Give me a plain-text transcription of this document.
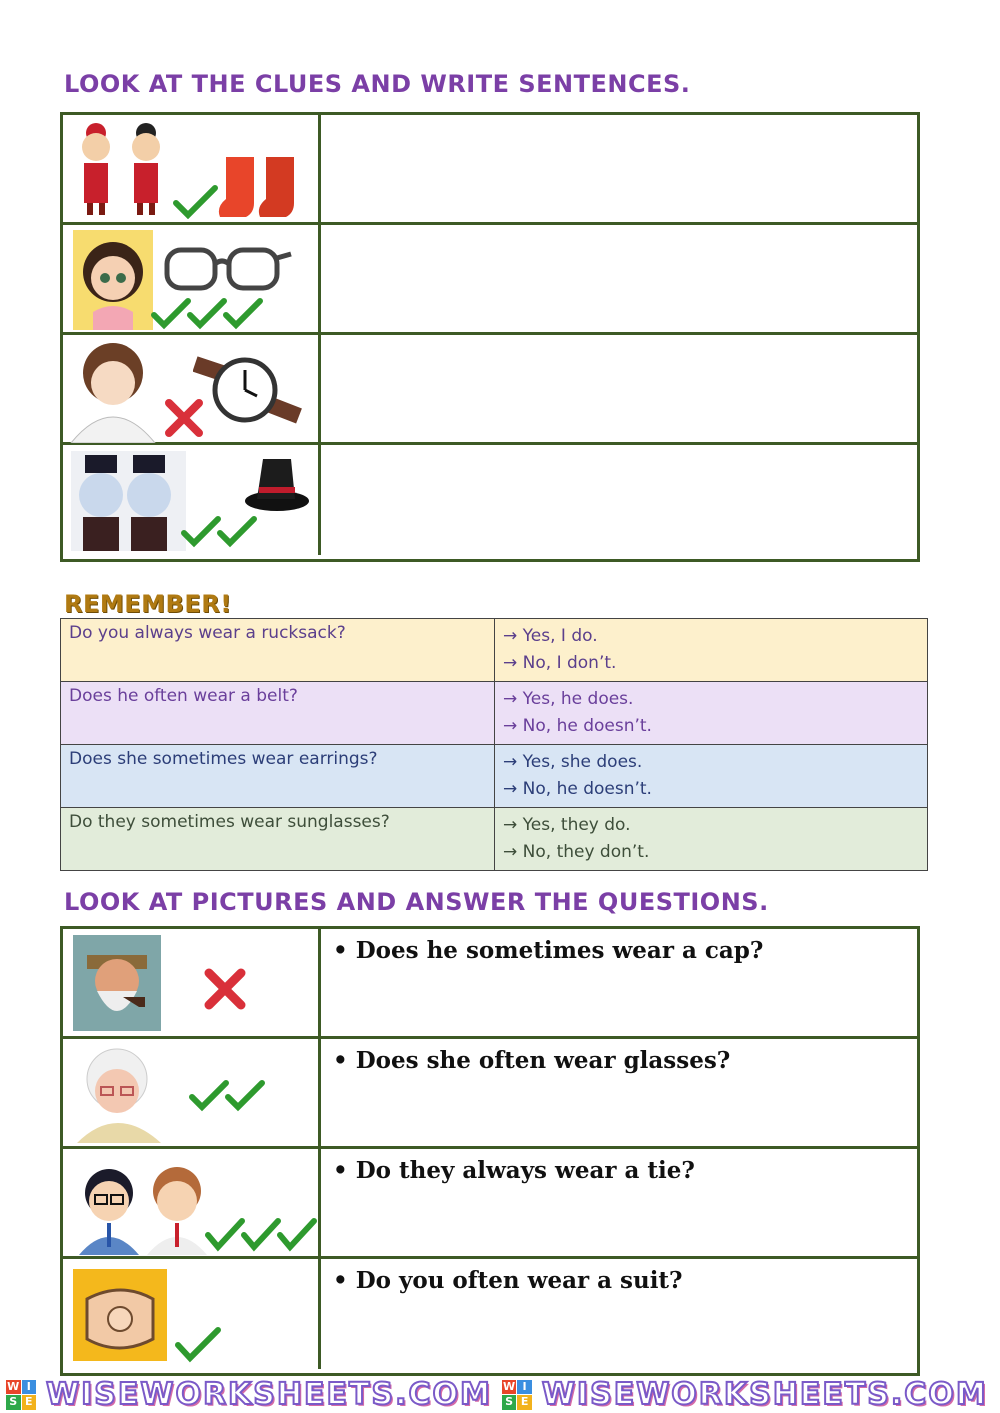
LOOK AT THE CLUES AND WRITE SENTENCES.
REMEMBER!
Do you always wear a rucksack?	→ Yes, I do.
→ No, I don’t.

Does he often wear a belt?	→ Yes, he does.
→ No, he doesn’t.

Does she sometimes wear earrings?	→ Yes, she does.
→ No, he doesn’t.

Do they sometimes wear sunglasses?	→ Yes, they do.
→ No, they don’t.
LOOK AT PICTURES AND ANSWER THE QUESTIONS.
• Does he sometimes wear a cap?
• Does she often wear glasses?
• Do they always wear a tie?
• Do you often wear a suit?
W I
S E WISEWORKSHEETS.COM W I
S E WISEWORKSHEETS.COM
